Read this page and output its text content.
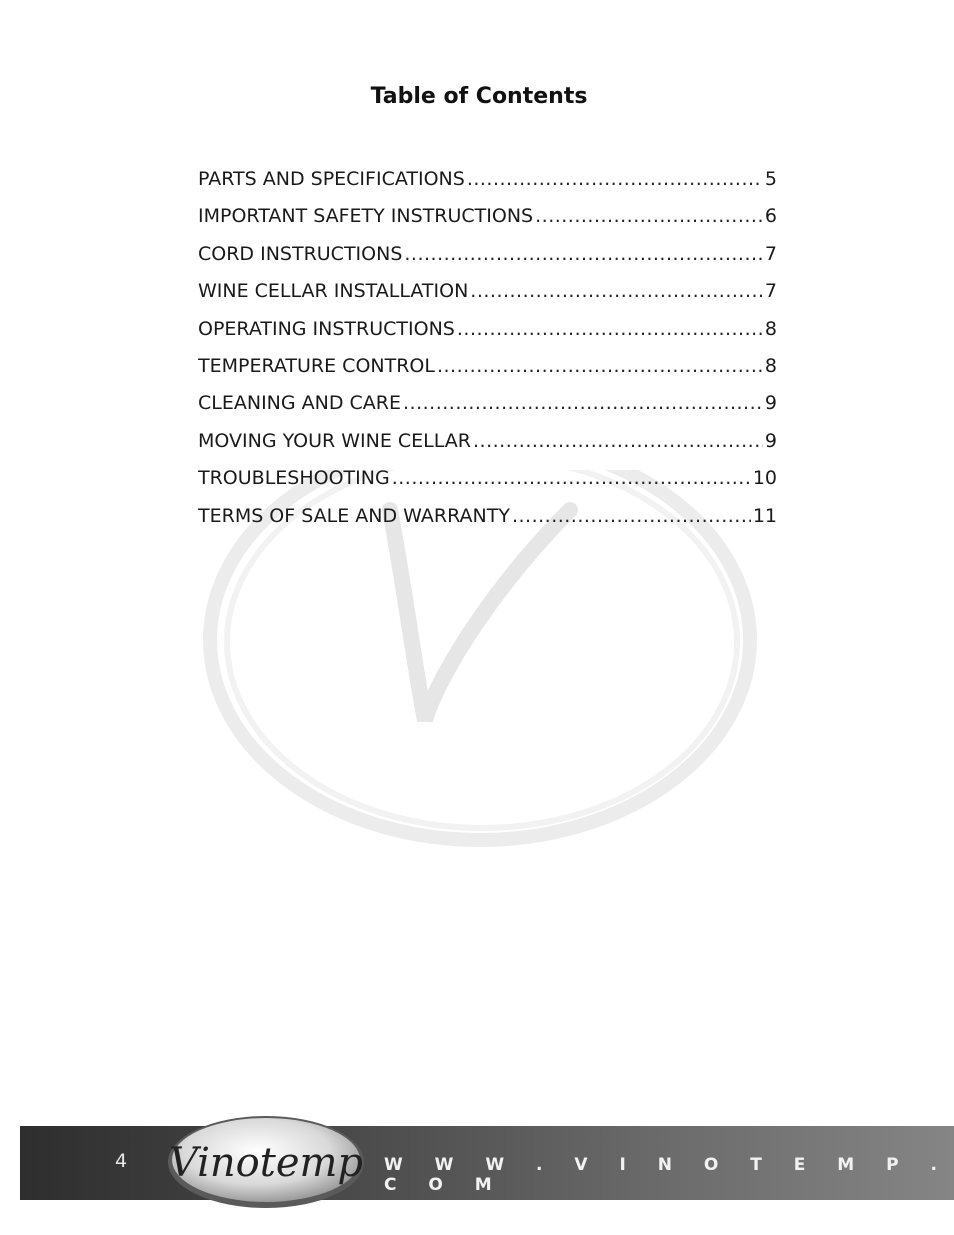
Table of Contents
PARTS AND SPECIFICATIONS .....	5
IMPORTANT SAFETY INSTRUCTIONS .....	6
CORD INSTRUCTIONS .....	7
WINE CELLAR INSTALLATION .....	7
OPERATING INSTRUCTIONS .....	8
TEMPERATURE CONTROL .....	8
CLEANING AND CARE .....	9
MOVING YOUR WINE CELLAR .....	9
TROUBLESHOOTING .....	10
TERMS OF SALE AND WARRANTY .....	11
4 Vinotemp W W W . V I N O T E M P . C O M
